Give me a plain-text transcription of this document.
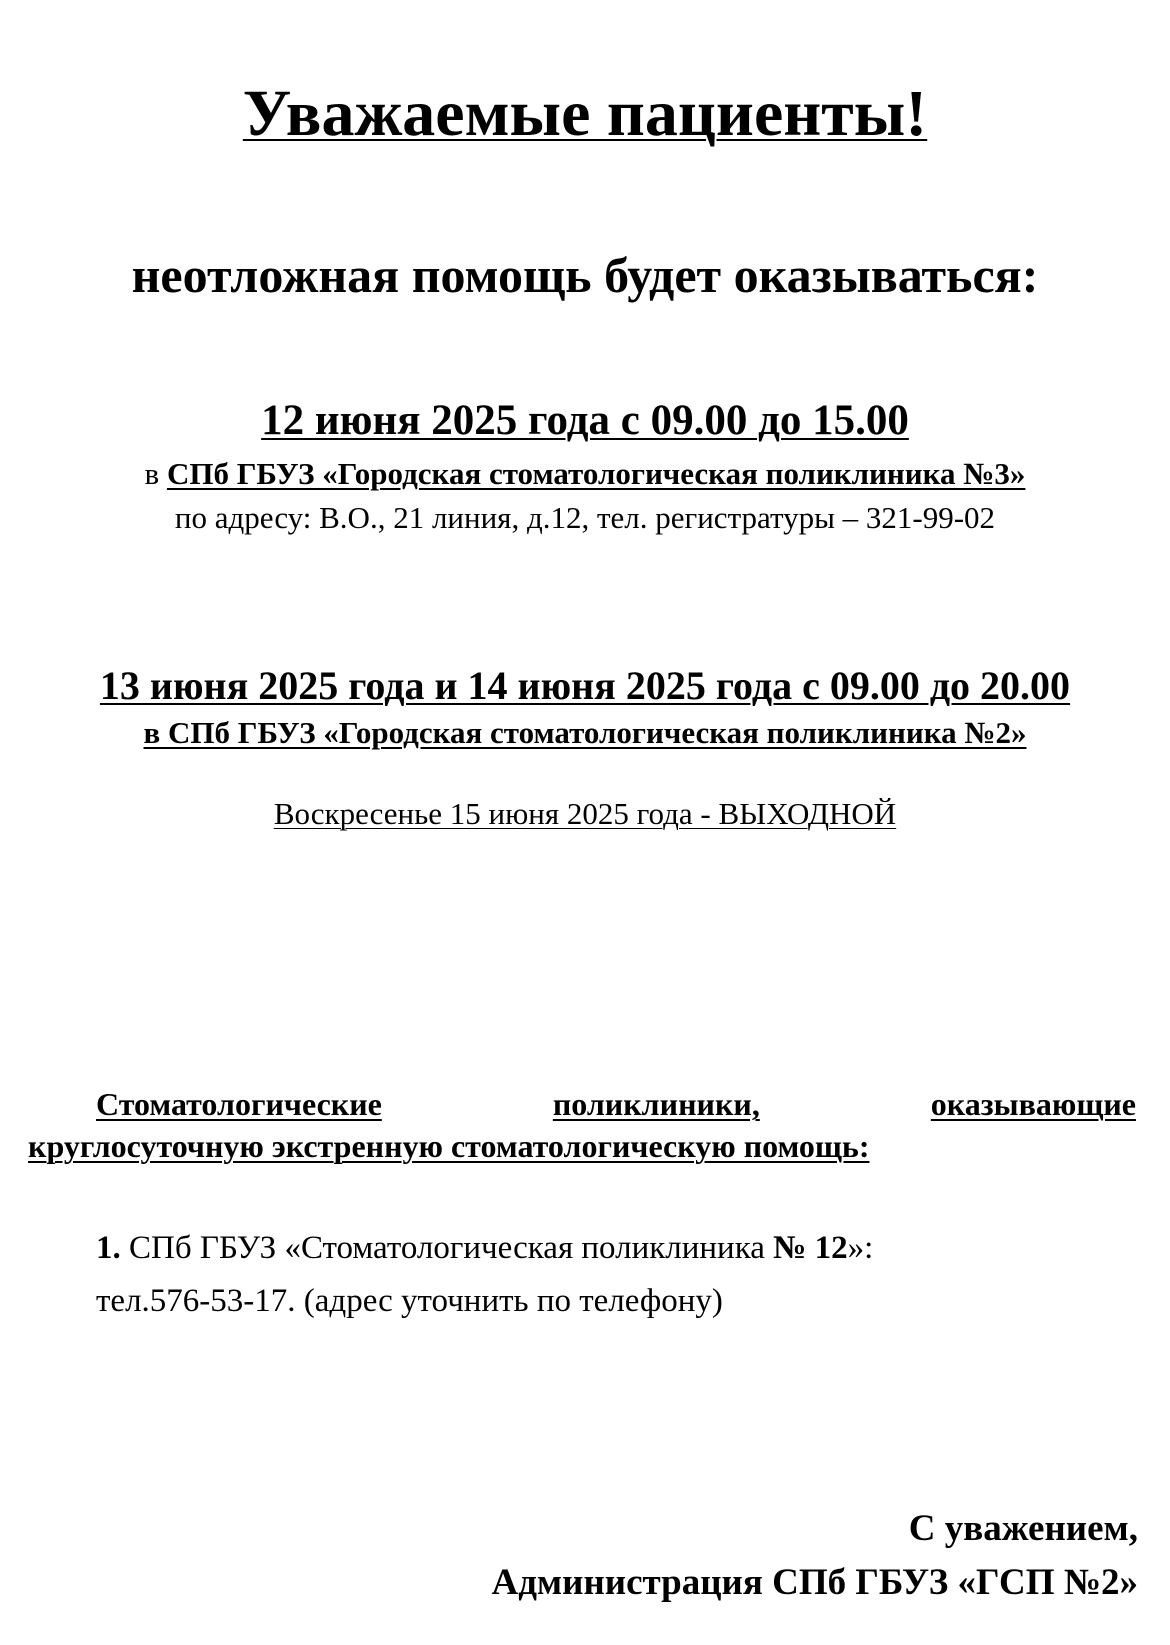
Уважаемые пациенты!
неотложная помощь будет оказываться:
12 июня 2025 года с 09.00 до 15.00
в СПб ГБУЗ «Городская стоматологическая поликлиника №3»
по адресу: В.О., 21 линия, д.12, тел. регистратуры – 321-99-02
13 июня 2025 года и 14 июня 2025 года с 09.00 до 20.00
в СПб ГБУЗ «Городская стоматологическая поликлиника №2»
Воскресенье 15 июня 2025 года - ВЫХОДНОЙ
Стоматологические	поликлиники,	оказывающие
круглосуточную экстренную стоматологическую помощь:
1. СПб ГБУЗ «Стоматологическая поликлиника № 12»:
тел.576-53-17. (адрес уточнить по телефону)
С уважением,
Администрация СПб ГБУЗ «ГСП №2»
